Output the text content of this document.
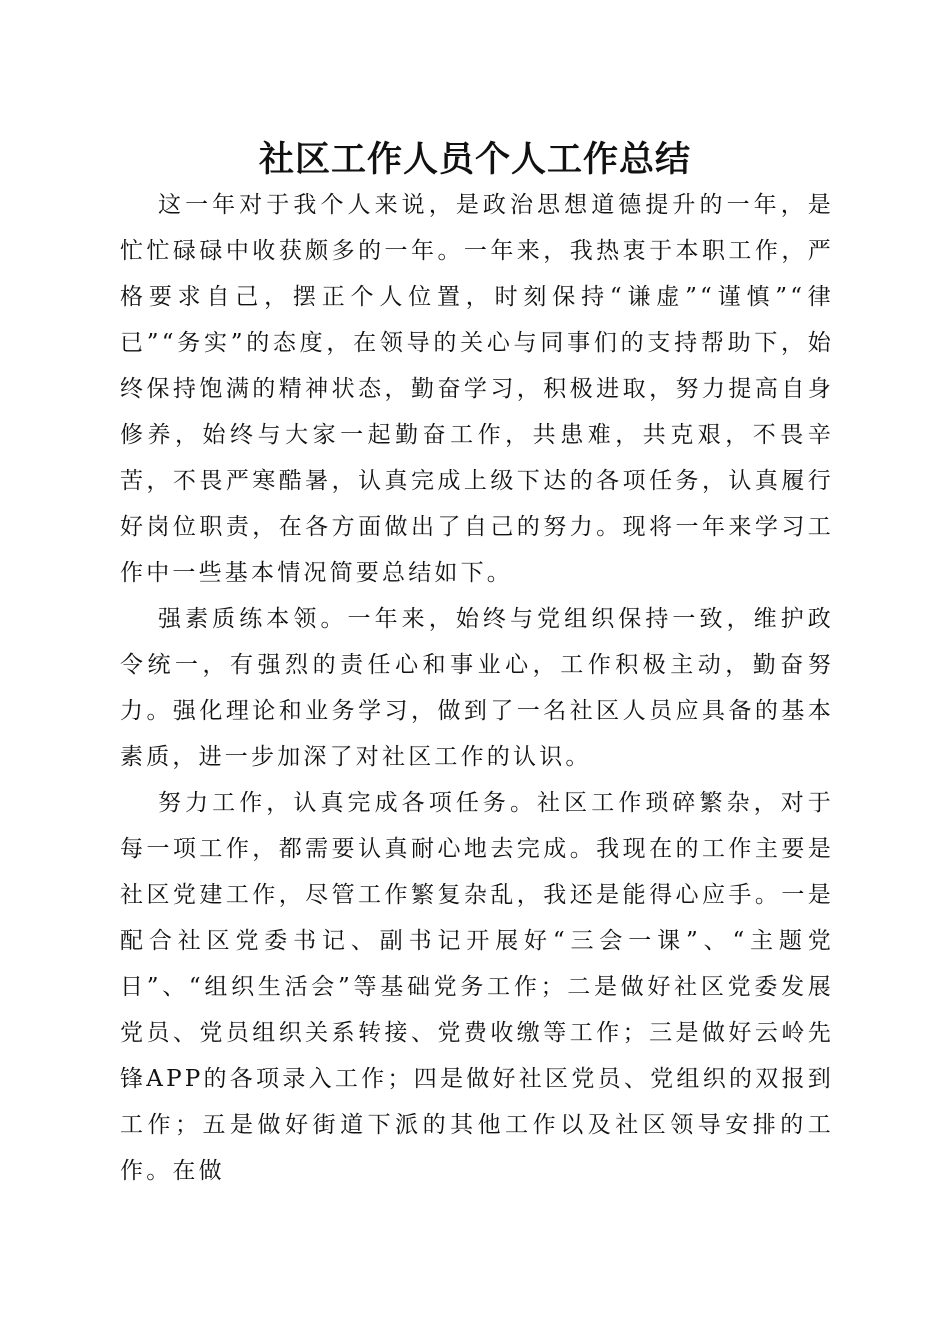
社区工作人员个人工作总结

这一年对于我个人来说，是政治思想道德提升的一年，是忙忙碌碌中收获颇多的一年。一年来，我热衷于本职工作，严格要求自己，摆正个人位置，时刻保持“谦虚”“谨慎”“律已”“务实”的态度，在领导的关心与同事们的支持帮助下，始终保持饱满的精神状态，勤奋学习，积极进取，努力提高自身修养，始终与大家一起勤奋工作，共患难，共克艰，不畏辛苦，不畏严寒酷暑，认真完成上级下达的各项任务，认真履行好岗位职责，在各方面做出了自己的努力。现将一年来学习工作中一些基本情况简要总结如下。

强素质练本领。一年来，始终与党组织保持一致，维护政令统一，有强烈的责任心和事业心，工作积极主动，勤奋努力。强化理论和业务学习，做到了一名社区人员应具备的基本素质，进一步加深了对社区工作的认识。

努力工作，认真完成各项任务。社区工作琐碎繁杂，对于每一项工作，都需要认真耐心地去完成。我现在的工作主要是社区党建工作，尽管工作繁复杂乱，我还是能得心应手。一是配合社区党委书记、副书记开展好“三会一课”、“主题党日”、“组织生活会”等基础党务工作；二是做好社区党委发展党员、党员组织关系转接、党费收缴等工作；三是做好云岭先锋APP的各项录入工作；四是做好社区党员、党组织的双报到工作；五是做好街道下派的其他工作以及社区领导安排的工作。在做
